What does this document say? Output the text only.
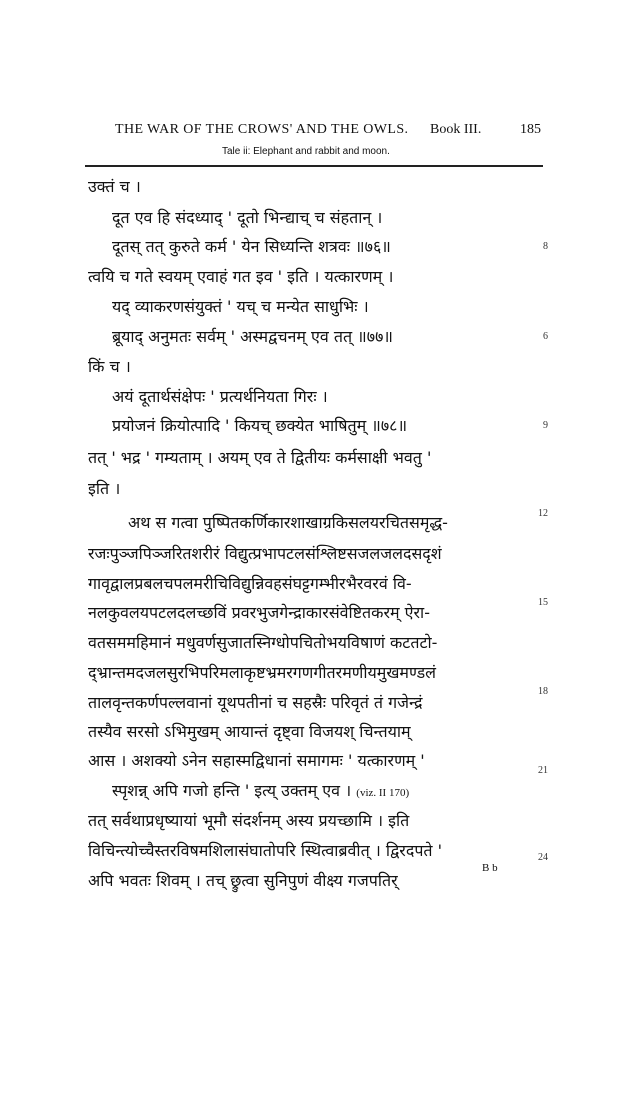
THE WAR OF THE CROWS' AND THE OWLS. Book III.	185
Tale ii: Elephant and rabbit and moon.
उक्तं च ।
दूत एव हि संदध्याद् ' दूतो भिन्द्याच् च संहतान् ।
दूतस् तत् कुरुते कर्म ' येन सिध्यन्ति शत्रवः ॥७६॥
त्वयि च गते स्वयम् एवाहं गत इव ' इति । यत्कारणम् ।
यद् व्याकरणसंयुक्तं ' यच् च मन्येत साधुभिः ।
ब्रूयाद् अनुमतः सर्वम् ' अस्मद्वचनम् एव तत् ॥७७॥
किं च ।
अयं दूतार्थसंक्षेपः ' प्रत्यर्थनियता गिरः ।
प्रयोजनं क्रियोत्पादि ' कियच् छक्येत भाषितुम् ॥७८॥
तत् ' भद्र ' गम्यताम् । अयम् एव ते द्वितीयः कर्मसाक्षी भवतु '
इति ।
अथ स गत्वा पुष्पितकर्णिकारशाखाग्रकिसलयरचितसमृद्ध-
रजःपुञ्जपिञ्जरितशरीरं विद्युत्प्रभापटलसंश्लिष्टसजलजलदसदृशं
गावृद्वालप्रबलचपलमरीचिविद्युन्निवहसंघट्टगम्भीरभैरवरवं वि-
नलकुवलयपटलदलच्छविं प्रवरभुजगेन्द्राकारसंवेष्टितकरम् ऐरा-
वतसममहिमानं मधुवर्णसुजातस्निग्धोपचितोभयविषाणं कटतटो-
द्भ्रान्तमदजलसुरभिपरिमलाकृष्टभ्रमरगणगीतरमणीयमुखमण्डलं
तालवृन्तकर्णपल्लवानां यूथपतीनां च सहस्रैः परिवृतं तं गजेन्द्रं
तस्यैव सरसो ऽभिमुखम् आयान्तं दृष्ट्वा विजयश् चिन्तयाम्
आस । अशक्यो ऽनेन सहास्मद्विधानां समागमः ' यत्कारणम् '
स्पृशन्न् अपि गजो हन्ति ' इत्य् उक्तम् एव । (viz. II 170)
तत् सर्वथाप्रधृष्यायां भूमौ संदर्शनम् अस्य प्रयच्छामि । इति
विचिन्त्योच्चैस्तरविषमशिलासंघातोपरि स्थित्वाब्रवीत् । द्विरदपते '
अपि भवतः शिवम् । तच् छ्रुत्वा सुनिपुणं वीक्ष्य गजपतिर्
8
6
9
12
15
18
21
24
B b
